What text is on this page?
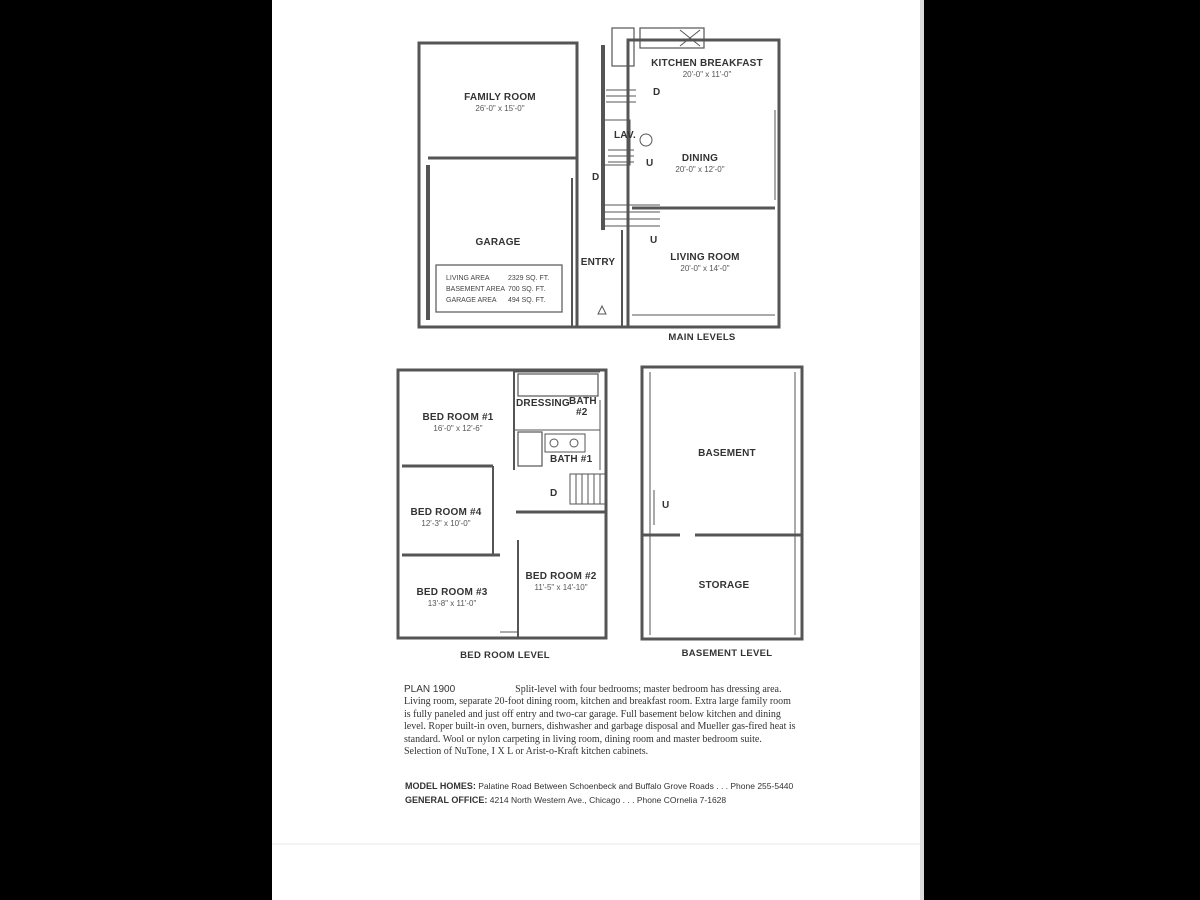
FAMILY ROOM
26'-0" x 15'-0"
KITCHEN BREAKFAST
20'-0" x 11'-0"
D
LAV.
U
D
DINING
20'-0" x 12'-0"
GARAGE	U
ENTRY	LIVING ROOM
20'-0" x 14'-0"
LIVING AREA	2329 SQ. FT.
BASEMENT AREA 700 SQ. FT.
GARAGE AREA 494 SQ. FT.
MAIN LEVELS
BED ROOM #1
16'-0" x 12'-6"
DRESSING BATH
#2
BATH #1
D
BED ROOM #4
12'-3" x 10'-0"
BED ROOM #2
11'-5" x 14'-10"
BED ROOM #3
13'-8" x 11'-0"
BED ROOM LEVEL
BASEMENT
U
STORAGE
BASEMENT LEVEL
PLAN 1900	Split-level with four bedrooms; master bedroom has dressing area. Living room, separate 20-foot dining room, kitchen and breakfast room. Extra large family room is fully paneled and just off entry and two-car garage. Full basement below kitchen and dining level. Roper built-in oven, burners, dishwasher and garbage disposal and Mueller gas-fired heat is standard. Wool or nylon carpeting in living room, dining room and master bedroom suite. Selection of NuTone, I X L or Arist-o-Kraft kitchen cabinets.
MODEL HOMES: Palatine Road Between Schoenbeck and Buffalo Grove Roads . . . Phone 255-5440
GENERAL OFFICE: 4214 North Western Ave., Chicago . . . Phone COrnelia 7-1628
